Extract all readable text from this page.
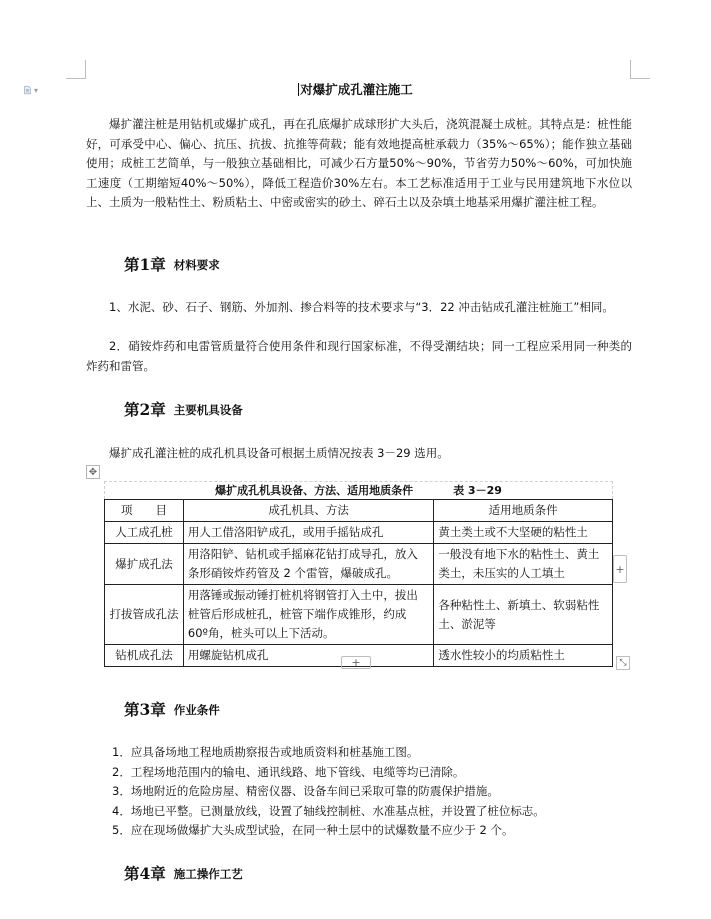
▾	对爆扩成孔灌注施工
爆扩灌注桩是用钻机或爆扩成孔，再在孔底爆扩成球形扩大头后，浇筑混凝土成桩。其特点是：桩性能好，可承受中心、偏心、抗压、抗拔、抗推等荷载；能有效地提高桩承载力（35%～65%）；能作独立基础使用；成桩工艺简单，与一般独立基础相比，可减少石方量50%～90%，节省劳力50%～60%，可加快施工速度（工期缩短40%～50%），降低工程造价30%左右。本工艺标准适用于工业与民用建筑地下水位以上、土质为一般粘性土、粉质粘土、中密或密实的砂土、碎石土以及杂填土地基采用爆扩灌注桩工程。
第1章 材料要求
1、水泥、砂、石子、钢筋、外加剂、掺合料等的技术要求与“3．22 冲击钻成孔灌注桩施工”相同。
2．硝铵炸药和电雷管质量符合使用条件和现行国家标准，不得受潮结块；同一工程应采用同一种类的炸药和雷管。
第2章 主要机具设备
爆扩成孔灌注桩的成孔机具设备可根据土质情况按表 3－29 选用。
✥
爆扩成孔机具设备、方法、适用地质条件	表 3－29
项　　目	成孔机具、方法	适用地质条件
人工成孔桩	用人工借洛阳铲成孔，或用手摇钻成孔	黄土类土或不大坚硬的粘性土
爆扩成孔法	用洛阳铲、钻机或手摇麻花钻打成导孔，放入条形硝铵炸药管及 2 个雷管，爆破成孔。	一般没有地下水的粘性土、黄土类土，未压实的人工填土
打拔管成孔法	用落锤或振动锤打桩机将钢管打入土中，拔出桩管后形成桩孔，桩管下端作成锥形，约成 60º角，桩头可以上下活动。	各种粘性土、新填土、软弱粘性土、淤泥等
钻机成孔法	用螺旋钻机成孔	透水性较小的均质粘性土
+
+	⤡
第3章 作业条件
1．应具备场地工程地质勘察报告或地质资料和桩基施工图。
2．工程场地范围内的输电、通讯线路、地下管线、电缆等均已清除。
3．场地附近的危险房屋、精密仪器、设备车间已采取可靠的防震保护措施。
4．场地已平整。已测量放线，设置了轴线控制桩、水准基点桩，并设置了桩位标志。
5．应在现场做爆扩大头成型试验，在同一种土层中的试爆数量不应少于 2 个。
第4章 施工操作工艺
